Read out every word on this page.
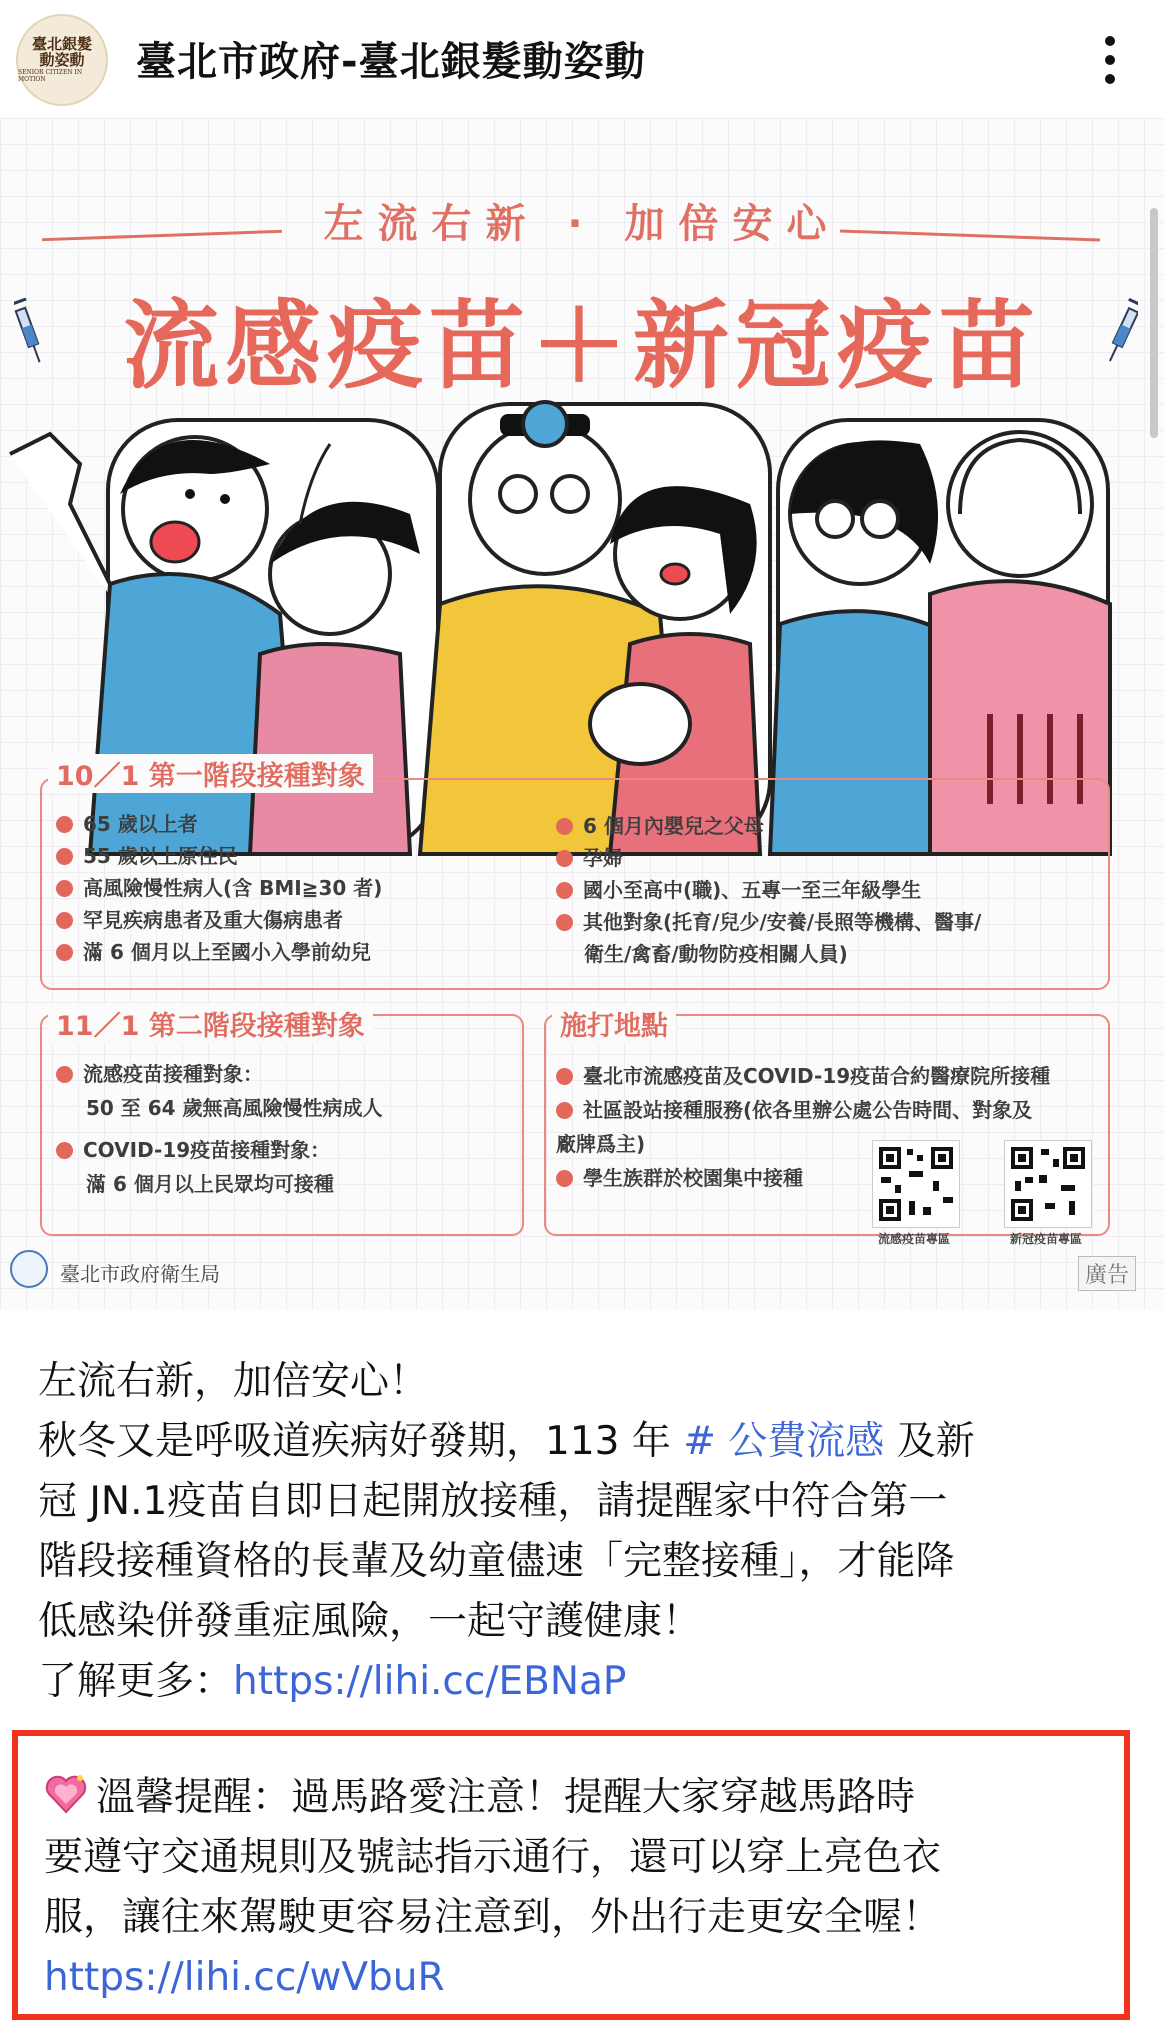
臺北銀髮
動姿動
SENIOR CITIZEN IN MOTION	臺北市政府-臺北銀髮動姿動
左流右新 · 加倍安心
流感疫苗＋新冠疫苗
10／1 第一階段接種對象
65 歲以上者
55 歲以上原住民
高風險慢性病人(含 BMI≧30 者)
罕見疾病患者及重大傷病患者
滿 6 個月以上至國小入學前幼兒
6 個月內嬰兒之父母
孕婦
國小至高中(職)、五專一至三年級學生
其他對象(托育/兒少/安養/長照等機構、醫事/
衛生/禽畜/動物防疫相關人員)
11／1 第二階段接種對象
流感疫苗接種對象：
50 至 64 歲無高風險慢性病成人
COVID-19疫苗接種對象：
滿 6 個月以上民眾均可接種
施打地點
臺北市流感疫苗及COVID-19疫苗合約醫療院所接種
社區設站接種服務(依各里辦公處公告時間、對象及
廠牌爲主)
學生族群於校園集中接種
流感疫苗專區	新冠疫苗專區
臺北市政府衛生局	廣告

左流右新，加倍安心！

秋冬又是呼吸道疾病好發期，113 年 # 公費流感 及新

冠 JN.1疫苗自即日起開放接種，請提醒家中符合第一

階段接種資格的長輩及幼童儘速「完整接種」，才能降

低感染併發重症風險，一起守護健康！

了解更多：https://lihi.cc/EBNaP

溫馨提醒：過馬路愛注意！提醒大家穿越馬路時
要遵守交通規則及號誌指示通行，還可以穿上亮色衣
服，讓往來駕駛更容易注意到，外出行走更安全喔！
https://lihi.cc/wVbuR
